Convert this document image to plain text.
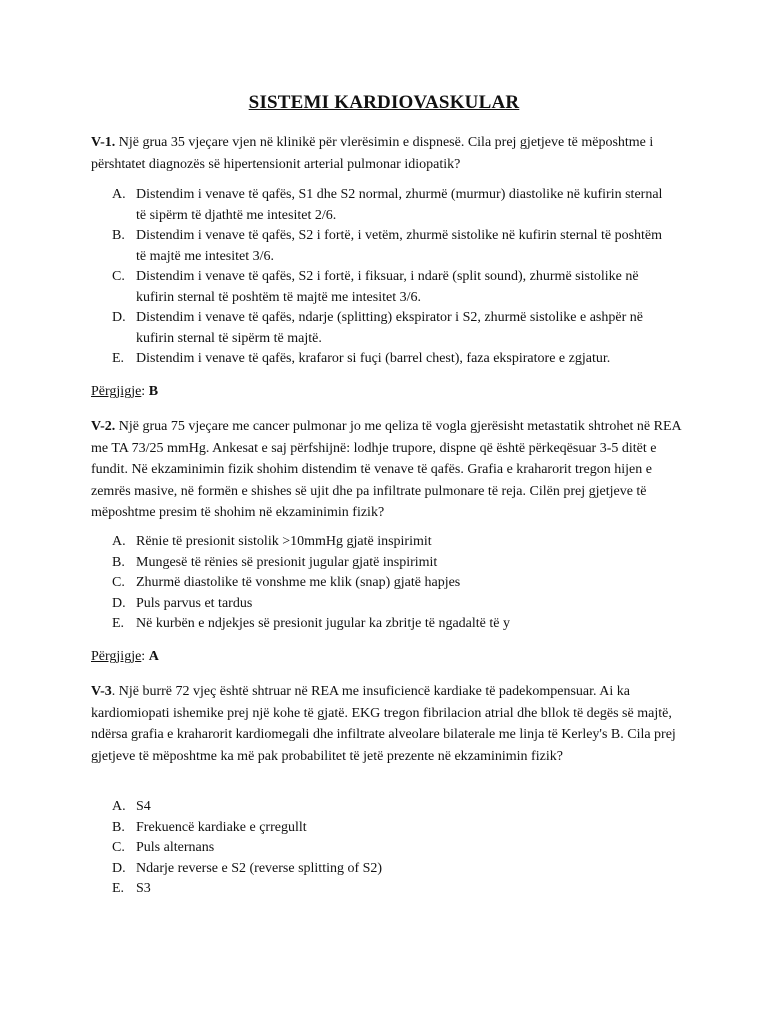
SISTEMI KARDIOVASKULAR
V-1. Një grua 35 vjeçare vjen në klinikë për vlerësimin e dispnesë. Cila prej gjetjeve të mëposhtme i përshtatet diagnozës së hipertensionit arterial pulmonar idiopatik?
A. Distendim i venave të qafës, S1 dhe S2 normal, zhurmë (murmur) diastolike në kufirin sternal të sipërm të djathtë me intesitet 2/6.
B. Distendim i venave të qafës, S2 i fortë, i vetëm, zhurmë sistolike në kufirin sternal të poshtëm të majtë me intesitet 3/6.
C. Distendim i venave të qafës, S2 i fortë, i fiksuar, i ndarë (split sound), zhurmë sistolike në kufirin sternal të poshtëm të majtë me intesitet 3/6.
D. Distendim i venave të qafës, ndarje (splitting) ekspirator i S2, zhurmë sistolike e ashpër në kufirin sternal të sipërm të majtë.
E. Distendim i venave të qafës, krafaror si fuçi (barrel chest), faza ekspiratore e zgjatur.
Përgjigje: B
V-2. Një grua 75 vjeçare me cancer pulmonar jo me qeliza të vogla gjerësisht metastatik shtrohet në REA me TA 73/25 mmHg. Ankesat e saj përfshijnë: lodhje trupore, dispne që është përkeqësuar 3-5 ditët e fundit. Në ekzaminimin fizik shohim distendim të venave të qafës. Grafia e kraharorit tregon hijen e zemrës masive, në formën e shishes së ujit dhe pa infiltrate pulmonare të reja. Cilën prej gjetjeve të mëposhtme presim të shohim në ekzaminimin fizik?
A. Rënie të presionit sistolik >10mmHg gjatë inspirimit
B. Mungesë të rënies së presionit jugular gjatë inspirimit
C. Zhurmë diastolike të vonshme me klik (snap) gjatë hapjes
D. Puls parvus et tardus
E. Në kurbën e ndjekjes së presionit jugular ka zbritje të ngadaltë të y
Përgjigje: A
V-3. Një burrë 72 vjeç është shtruar në REA me insuficiencë kardiake të padekompensuar. Ai ka kardiomiopati ishemike prej një kohe të gjatë. EKG tregon fibrilacion atrial dhe bllok të degës së majtë, ndërsa grafia e kraharorit kardiomegali dhe infiltrate alveolare bilaterale me linja të Kerley's B. Cila prej gjetjeve të mëposhtme ka më pak probabilitet të jetë prezente në ekzaminimin fizik?
A. S4
B. Frekuencë kardiake e çrregullt
C. Puls alternans
D. Ndarje reverse e S2 (reverse splitting of S2)
E. S3
